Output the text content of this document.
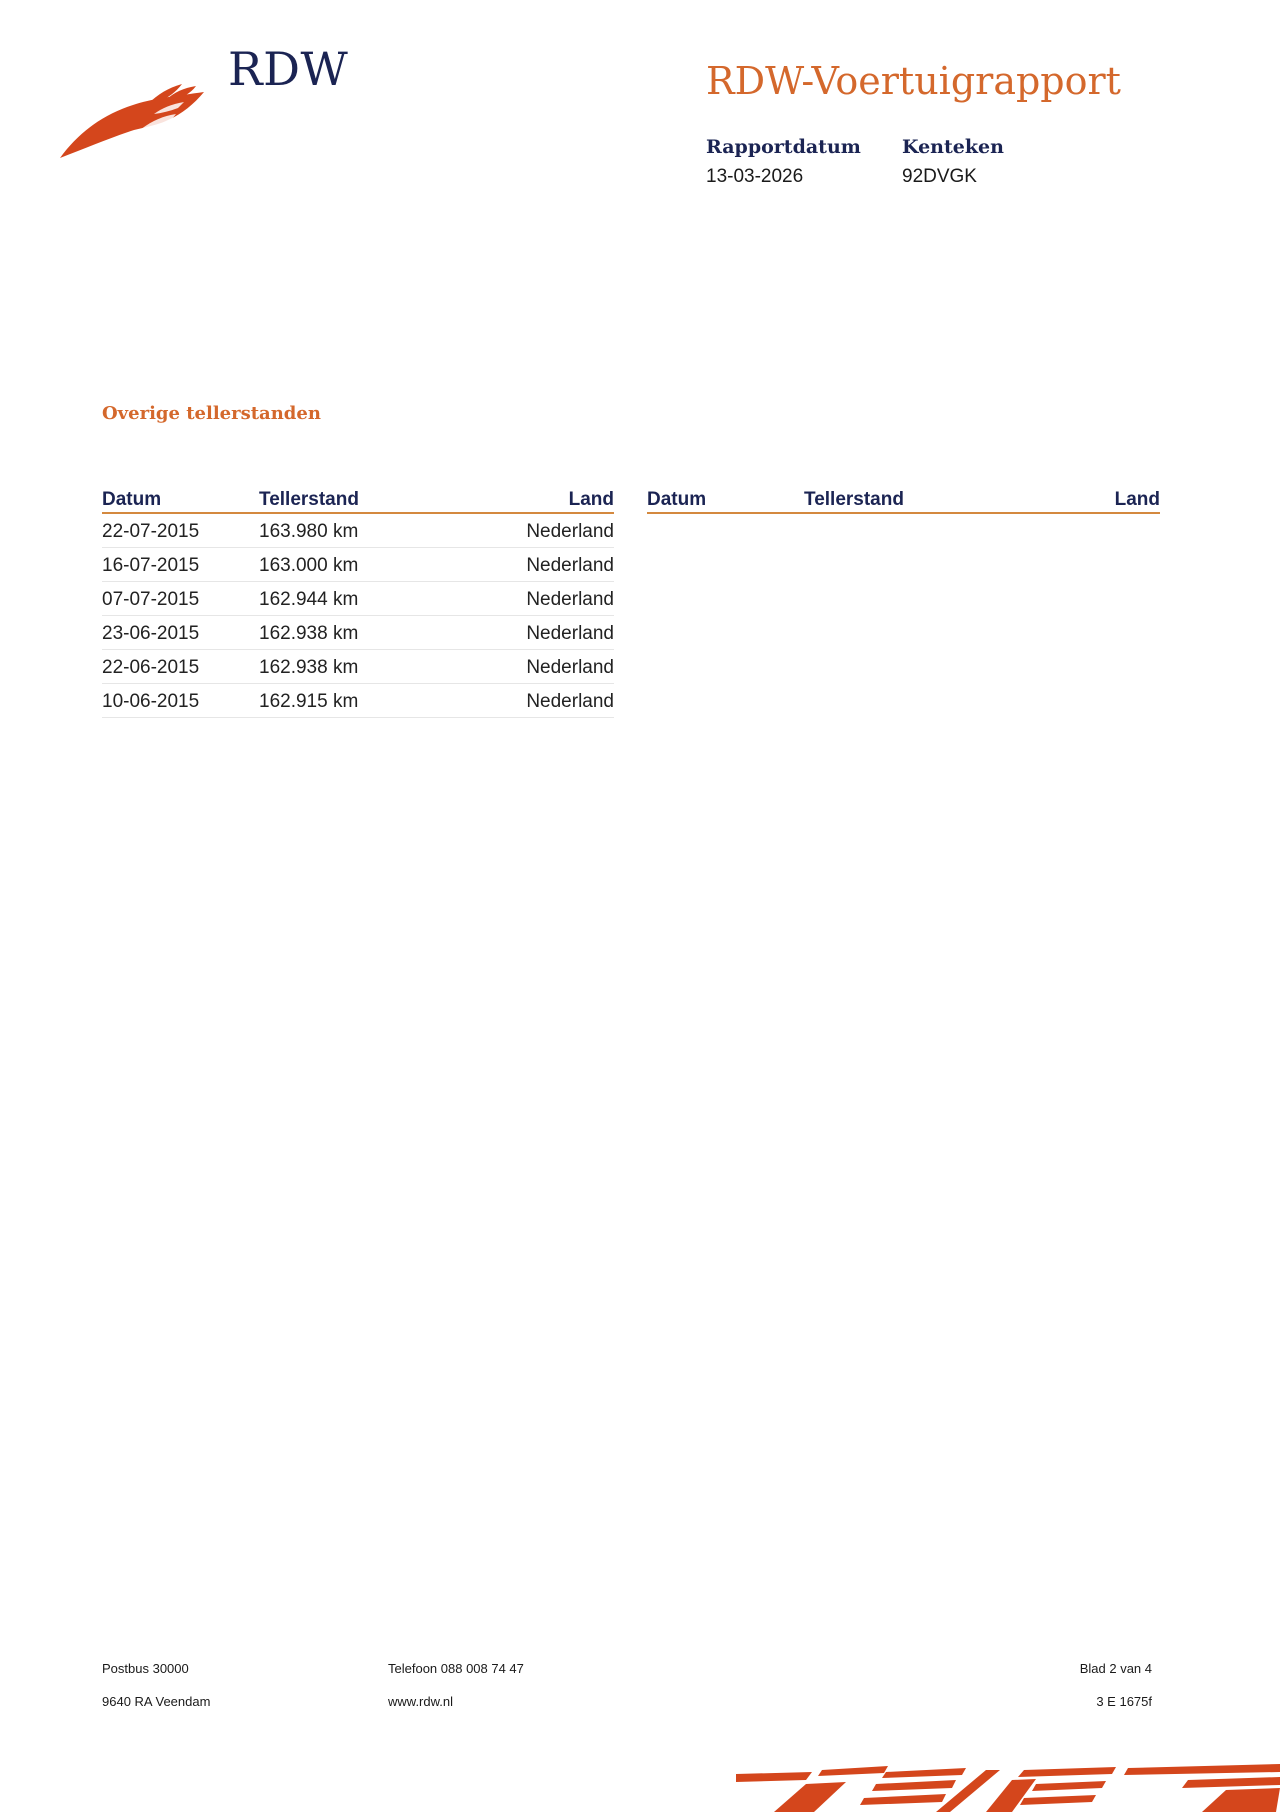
RDW	RDW-Voertuigrapport
Rapportdatum
13-03-2026
Kenteken
92DVGK
Overige tellerstanden
Datum	Tellerstand	Land
22-07-2015	163.980 km	Nederland
16-07-2015	163.000 km	Nederland
07-07-2015	162.944 km	Nederland
23-06-2015	162.938 km	Nederland
22-06-2015	162.938 km	Nederland
10-06-2015	162.915 km	Nederland
Datum	Tellerstand	Land
Postbus 30000
9640 RA Veendam
Telefoon 088 008 74 47
www.rdw.nl
Blad 2 van 4
3 E 1675f
